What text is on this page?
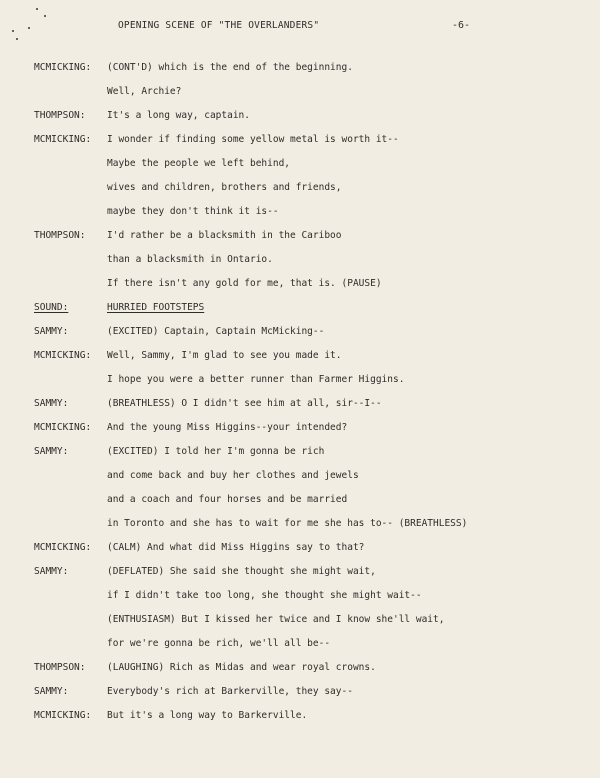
OPENING SCENE OF "THE OVERLANDERS"	-6-
MCMICKING: (CONT'D) which is the end of the beginning.
Well, Archie?
THOMPSON: It's a long way, captain.
MCMICKING: I wonder if finding some yellow metal is worth it--
Maybe the people we left behind,
wives and children, brothers and friends,
maybe they don't think it is--
THOMPSON: I'd rather be a blacksmith in the Cariboo
than a blacksmith in Ontario.
If there isn't any gold for me, that is. (PAUSE)
SOUND:	HURRIED FOOTSTEPS
SAMMY:	(EXCITED) Captain, Captain McMicking--
MCMICKING: Well, Sammy, I'm glad to see you made it.
I hope you were a better runner than Farmer Higgins.
SAMMY:	(BREATHLESS) O I didn't see him at all, sir--I--
MCMICKING: And the young Miss Higgins--your intended?
SAMMY:	(EXCITED) I told her I'm gonna be rich
and come back and buy her clothes and jewels
and a coach and four horses and be married
in Toronto and she has to wait for me she has to-- (BREATHLESS)
MCMICKING: (CALM) And what did Miss Higgins say to that?
SAMMY:	(DEFLATED) She said she thought she might wait,
if I didn't take too long, she thought she might wait--
(ENTHUSIASM) But I kissed her twice and I know she'll wait,
for we're gonna be rich, we'll all be--
THOMPSON: (LAUGHING) Rich as Midas and wear royal crowns.
SAMMY:	Everybody's rich at Barkerville, they say--
MCMICKING: But it's a long way to Barkerville.
